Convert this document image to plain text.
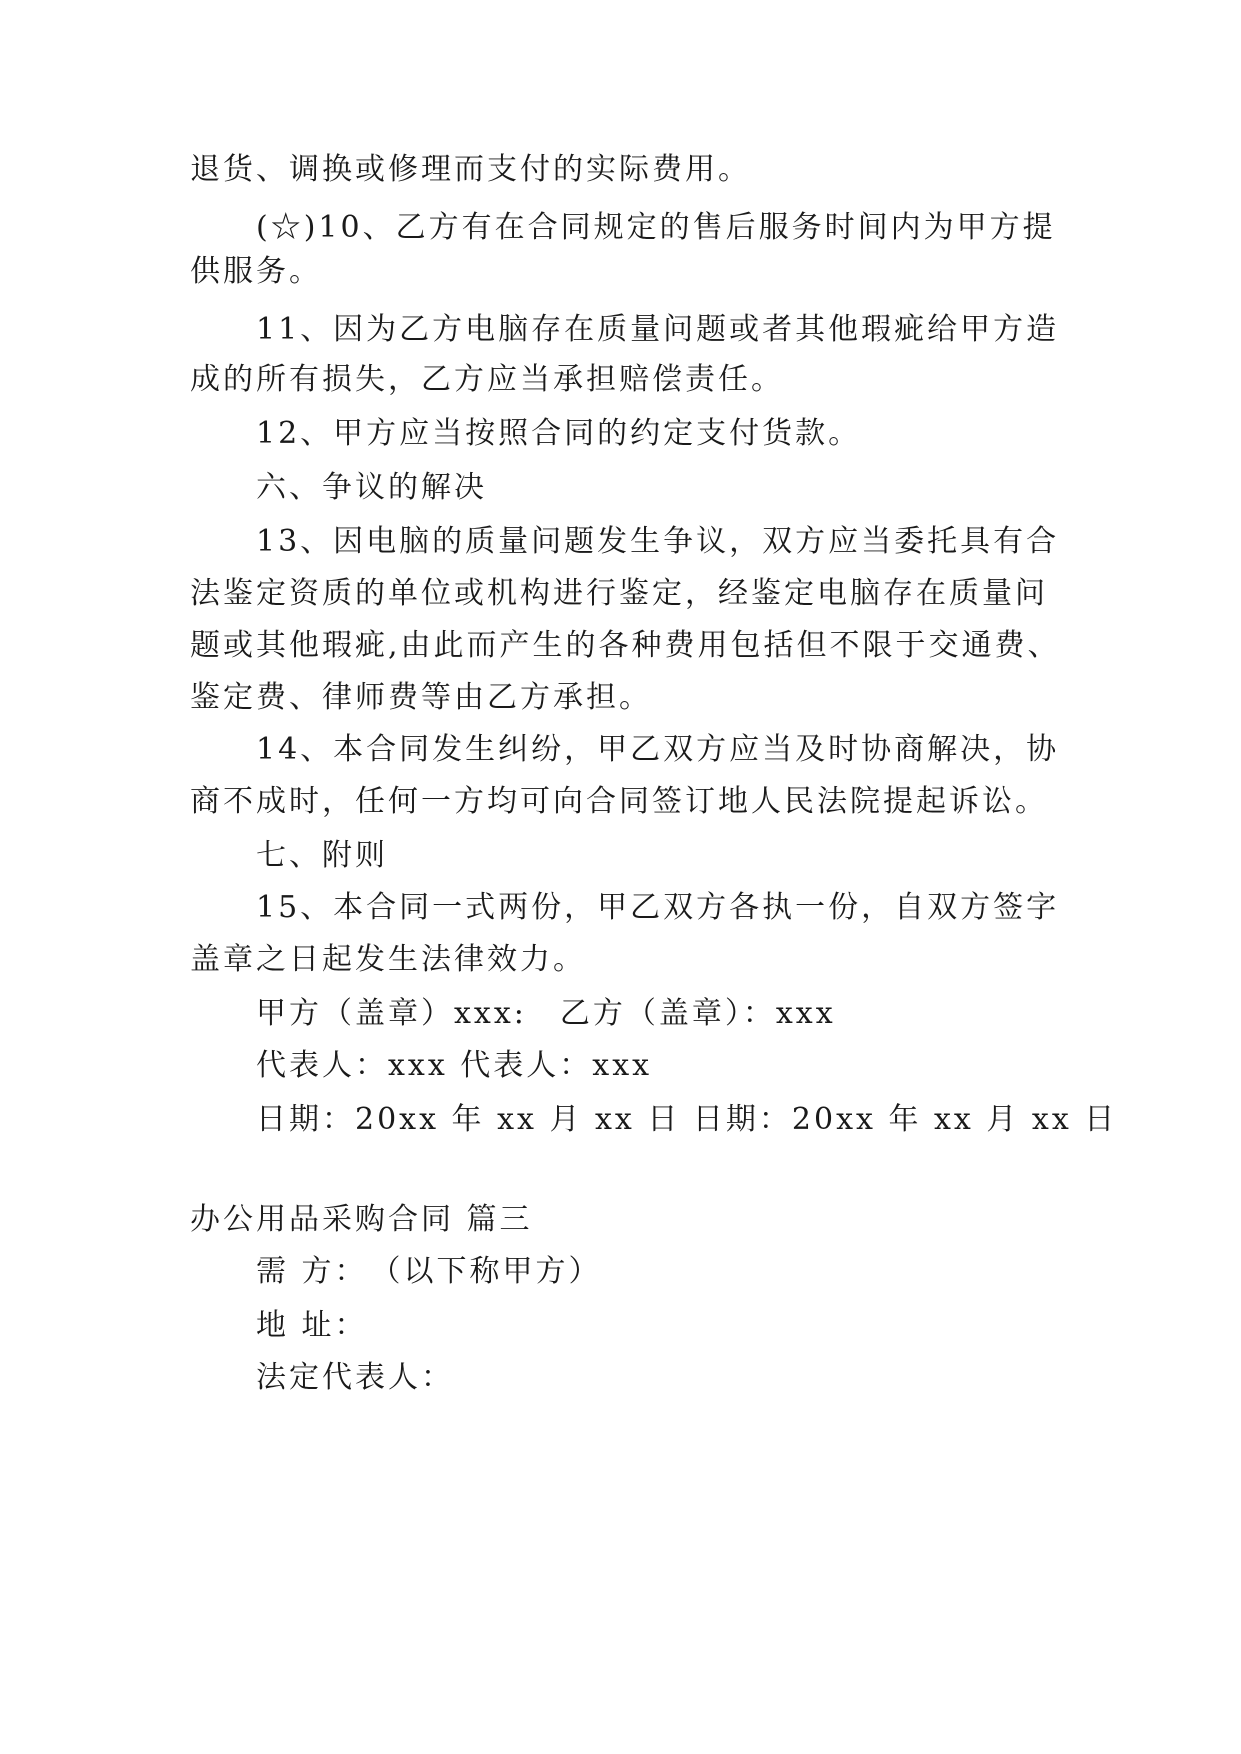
退货、调换或修理而支付的实际费用。
(☆)10、乙方有在合同规定的售后服务时间内为甲方提
供服务。
11、因为乙方电脑存在质量问题或者其他瑕疵给甲方造
成的所有损失，乙方应当承担赔偿责任。
12、甲方应当按照合同的约定支付货款。
六、争议的解决
13、因电脑的质量问题发生争议，双方应当委托具有合
法鉴定资质的单位或机构进行鉴定，经鉴定电脑存在质量问
题或其他瑕疵,由此而产生的各种费用包括但不限于交通费、
鉴定费、律师费等由乙方承担。
14、本合同发生纠纷，甲乙双方应当及时协商解决，协
商不成时，任何一方均可向合同签订地人民法院提起诉讼。
七、附则
15、本合同一式两份，甲乙双方各执一份，自双方签字
盖章之日起发生法律效力。
甲方（盖章）xxx:　乙方（盖章）：xxx
代表人：xxx 代表人：xxx
日期：20xx 年 xx 月 xx 日 日期：20xx 年 xx 月 xx 日
办公用品采购合同 篇三
需 方：　（以下称甲方）
地 址：
法定代表人：
